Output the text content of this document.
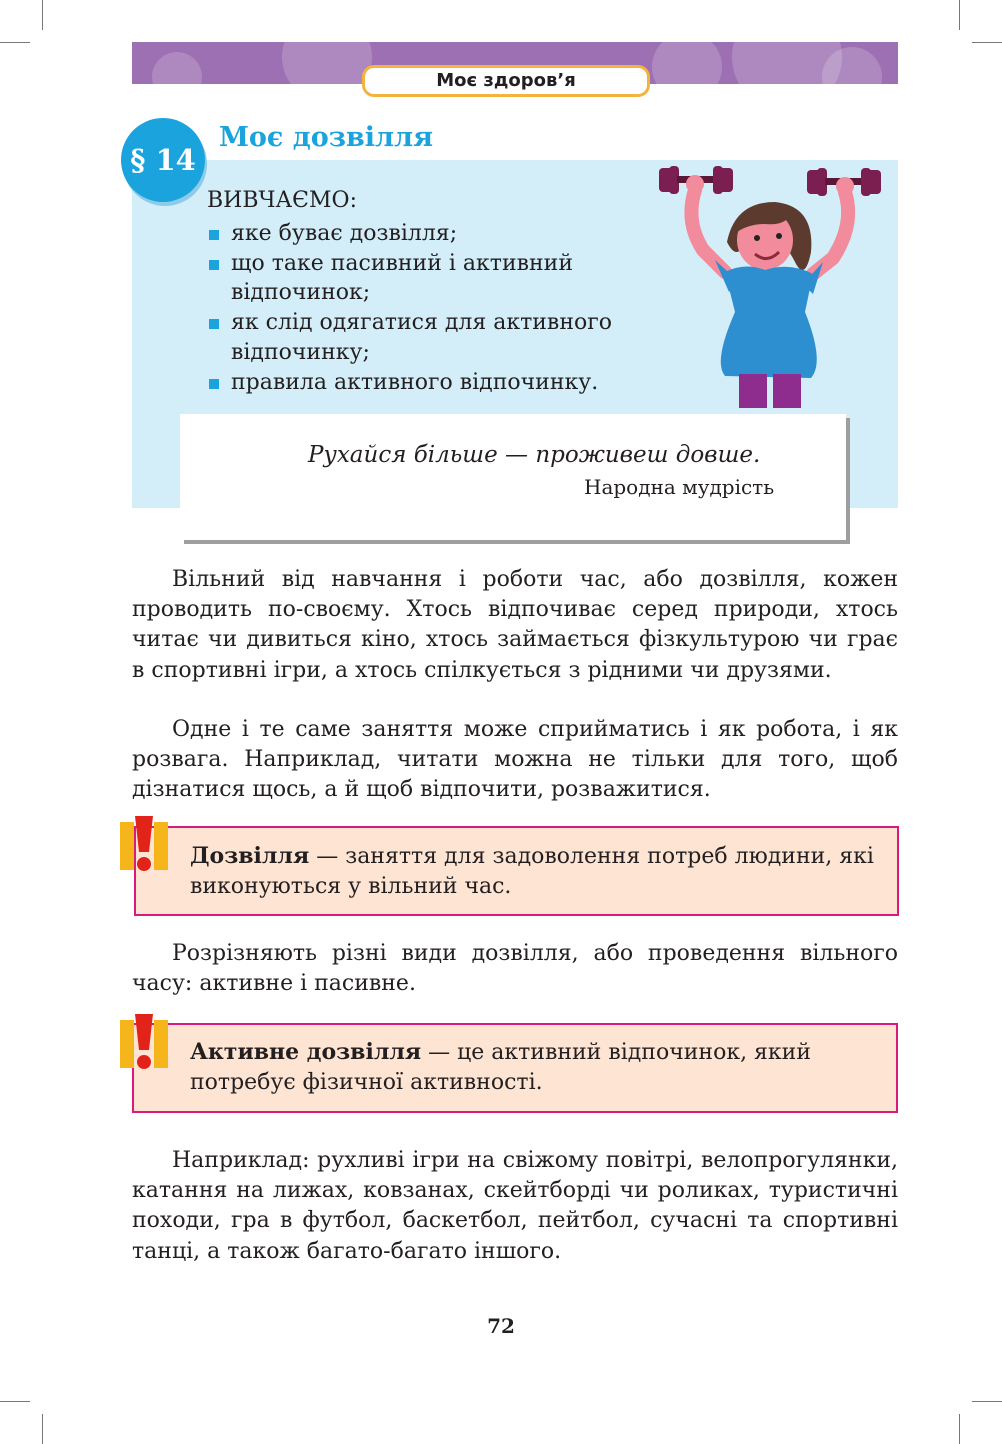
Моє здоров’я
§ 14
Моє дозвілля
ВИВЧАЄМО:
яке буває дозвілля;
що таке пасивний і активний відпочинок;
як слід одягатися для активного відпочинку;
правила активного відпочинку.
Рухайся більше — проживеш довше.
Народна мудрість

Вільний від навчання і роботи час, або дозвілля, кожен проводить по-своєму. Хтось відпочиває серед природи, хтось читає чи дивиться кіно, хтось займається фізкультурою чи грає в спортивні ігри, а хтось спілкується з рідними чи друзями.

Одне і те саме заняття може сприйматись і як робота, і як розвага. Наприклад, читати можна не тільки для того, щоб дізнатися щось, а й щоб відпочити, розважитися.

Дозвілля — заняття для задоволення потреб людини, які виконуються у вільний час.

Розрізняють різні види дозвілля, або проведення вільного часу: активне і пасивне.

Активне дозвілля — це активний відпочинок, який потребує фізичної активності.

Наприклад: рухливі ігри на свіжому повітрі, велопрогулянки, катання на лижах, ковзанах, скейтборді чи роликах, туристичні походи, гра в футбол, баскетбол, пейтбол, сучасні та спортивні танці, а також багато-багато іншого.

72
